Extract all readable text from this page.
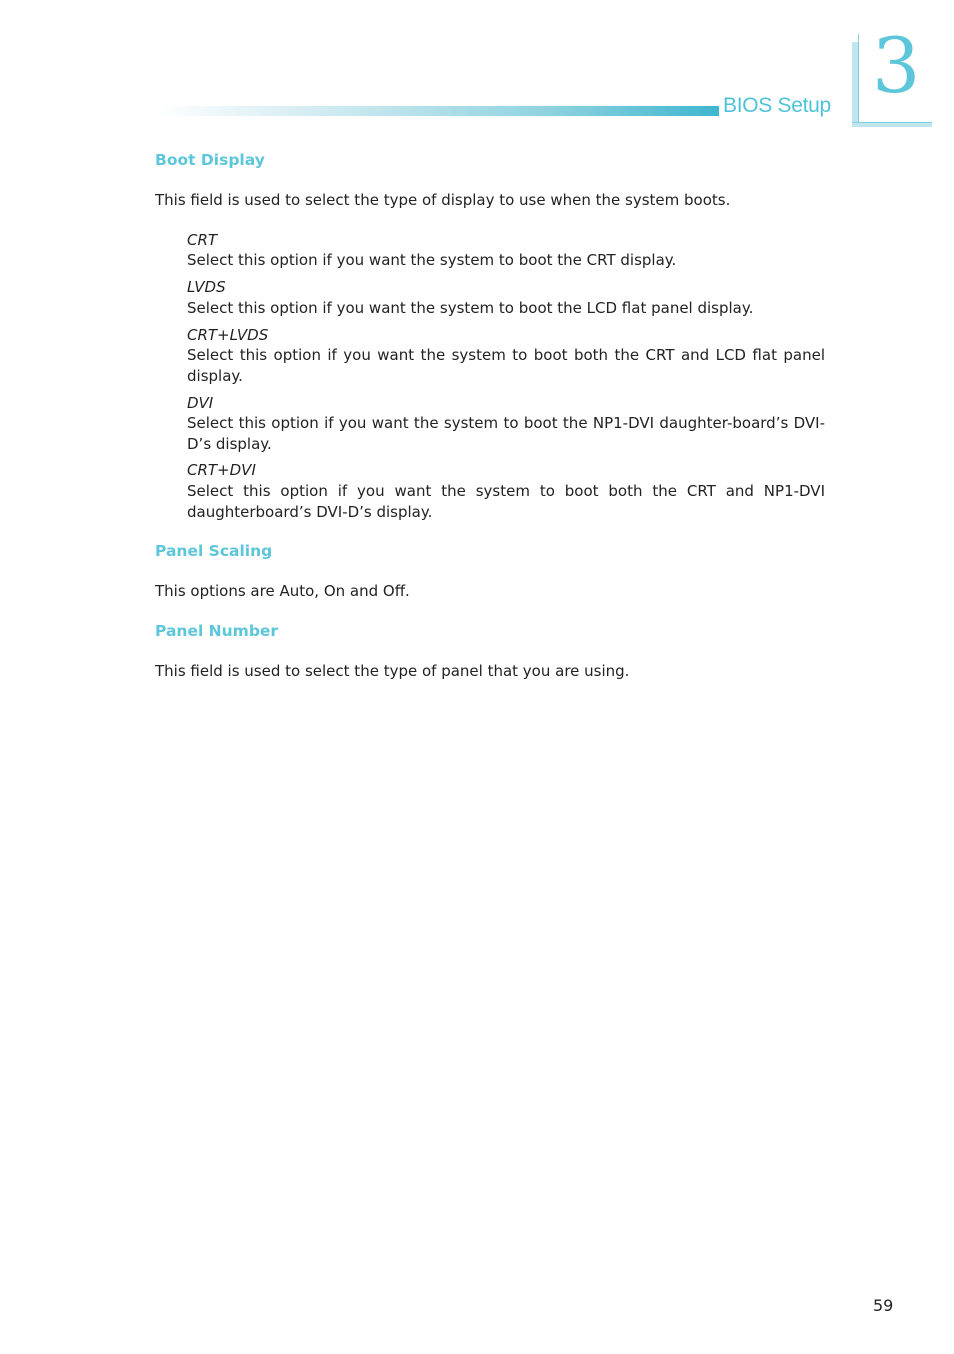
BIOS Setup 3
Boot Display
This field is used to select the type of display to use when the system boots.
CRT
Select this option if you want the system to boot the CRT display.
LVDS
Select this option if you want the system to boot the LCD flat panel display.
CRT+LVDS
Select this option if you want the system to boot both the CRT and LCD flat panel display.
DVI
Select this option if you want the system to boot the NP1-DVI daughter-board’s DVI-D’s display.
CRT+DVI
Select this option if you want the system to boot both the CRT and NP1-DVI daughterboard’s DVI-D’s display.
Panel Scaling
This options are Auto, On and Off.
Panel Number
This field is used to select the type of panel that you are using.
59
